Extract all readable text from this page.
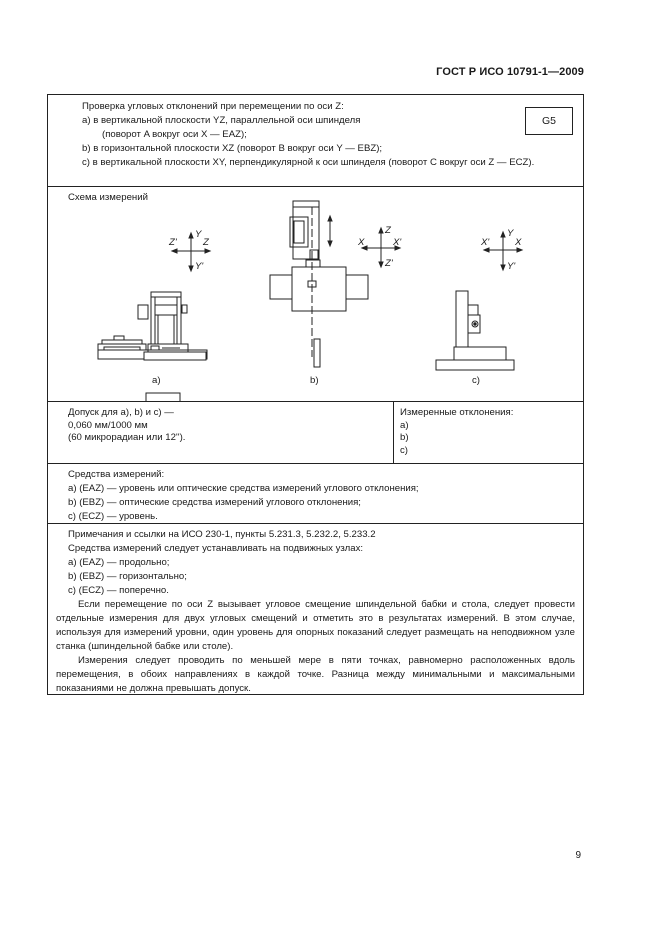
ГОСТ Р ИСО 10791-1—2009
Проверка угловых отклонений при перемещении по оси Z:
а) в вертикальной плоскости YZ, параллельной оси шпинделя
(поворот A вокруг оси X — EAZ);
b) в горизонтальной плоскости XZ (поворот B вокруг оси Y — EBZ);
с) в вертикальной плоскости XY, перпендикулярной к оси шпинделя (поворот C вокруг оси Z — ECZ).
G5
Схема измерений
Y
Z'	Z
Y'
Z
X	X'
Z'
Y
X'	X
Y'
а)	b)	с)
Допуск для а), b) и с) —
0,060 мм/1000 мм
(60 микрорадиан или 12'').
Измеренные отклонения:
а)
b)
с)
Средства измерений:
а) (EAZ) — уровень или оптические средства измерений углового отклонения;
b) (EBZ) — оптические средства измерений углового отклонения;
с) (ECZ) — уровень.
Примечания и ссылки на ИСО 230-1, пункты 5.231.3, 5.232.2, 5.233.2
Средства измерений следует устанавливать на подвижных узлах:
а) (EAZ) — продольно;
b) (EBZ) — горизонтально;
с) (ECZ) — поперечно.
Если перемещение по оси Z вызывает угловое смещение шпиндельной бабки и стола, следует провести отдельные измерения для двух угловых смещений и отметить это в результатах измерений. В этом случае, используя для измерений уровни, один уровень для опорных показаний следует размещать на неподвижном узле станка (шпиндельной бабке или столе).
Измерения следует проводить по меньшей мере в пяти точках, равномерно расположенных вдоль перемещения, в обоих направлениях в каждой точке. Разница между минимальными и максимальными показаниями не должна превышать допуск.
9
